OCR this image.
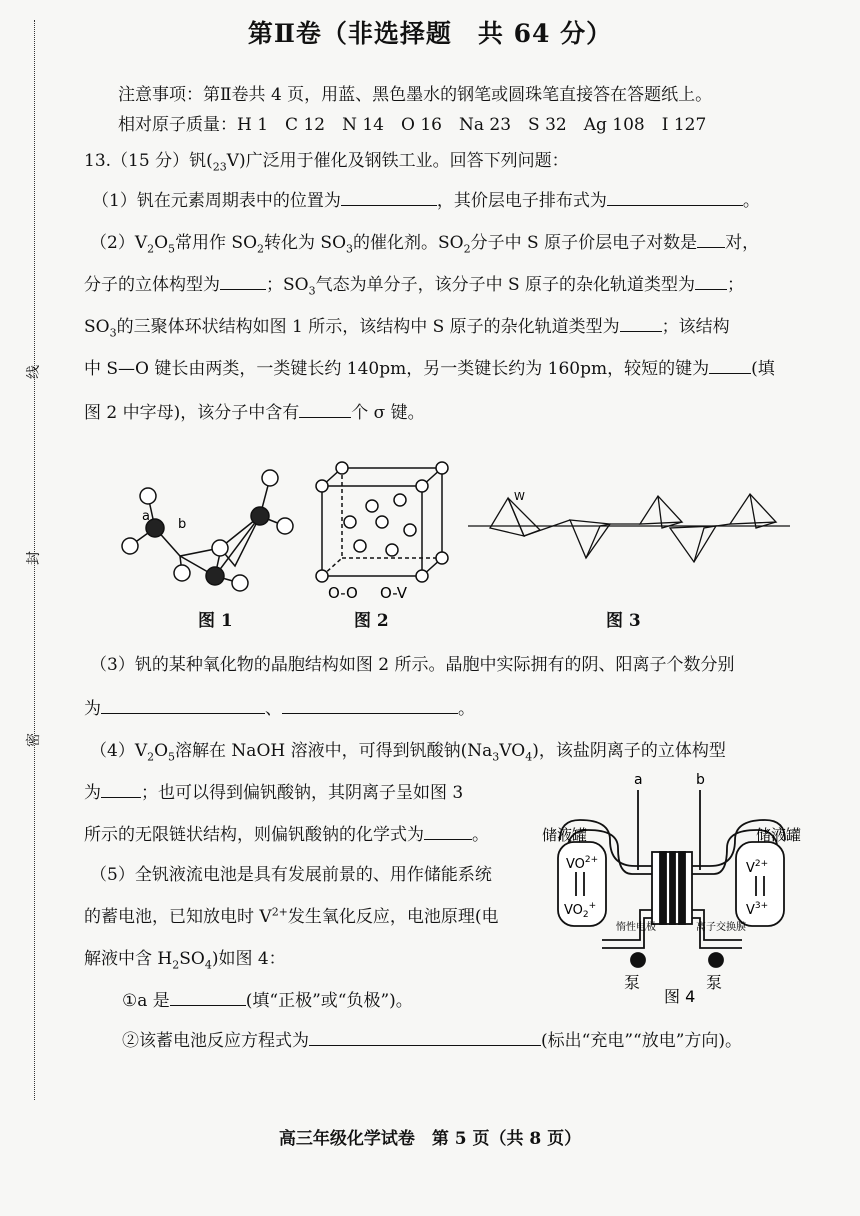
线
封
密
第Ⅱ卷（非选择题　共 64 分）
注意事项：第Ⅱ卷共 4 页，用蓝、黑色墨水的钢笔或圆珠笔直接答在答题纸上。
相对原子质量：H 1　C 12　N 14　O 16　Na 23　S 32　Ag 108　I 127
13.（15 分）钒$(_{23}V)$广泛用于催化及钢铁工业。回答下列问题：
（1）钒在元素周期表中的位置为	，其价层电子排布式为	。
$(2)V_2O_5$常用作 $SO_2$转化为 $SO_3$的催化剂。$SO_2$分子中 S 原子价层电子对数是 对，
分子的立体构型为	；$SO_3$气态为单分子，该分子中 S 原子的杂化轨道类型为 ；
$SO_3$的三聚体环状结构如图 1 所示，该结构中 S 原子的杂化轨道类型为 ；该结构
中 S—O 键长由两类，一类键长约 140pm，另一类键长约为 160pm，较短的键为 (填
图 2 中字母)，该分子中含有	个 σ 键。
a
b
O-O O-V
W
图 1	图 2	图 3
（3）钒的某种氧化物的晶胞结构如图 2 所示。晶胞中实际拥有的阴、阳离子个数分别
为	、	。
$(4)V_2O_5$溶解在 NaOH 溶液中，可得到钒酸钠$(Na_3VO_4)$，该盐阴离子的立体构型
为 ；也可以得到偏钒酸钠，其阴离子呈如图 3
所示的无限链状结构，则偏钒酸钠的化学式为	。
（5）全钒液流电池是具有发展前景的、用作储能系统
的蓄电池，已知放电时 $V^{2+}$发生氧化反应，电池原理(电
解液中含 $H_2SO_4$)如图 4：
①a 是	(填“正极”或“负极”)。
②该蓄电池反应方程式为	(标出“充电”“放电”方向)。
a	b
储液罐	储液罐
$VO^{2+}$
$VO_2^+$
$V^{2+}$
$V^{3+}$
惰性电极	离子交换膜
泵	泵
图 4
高三年级化学试卷　第 5 页（共 8 页）
